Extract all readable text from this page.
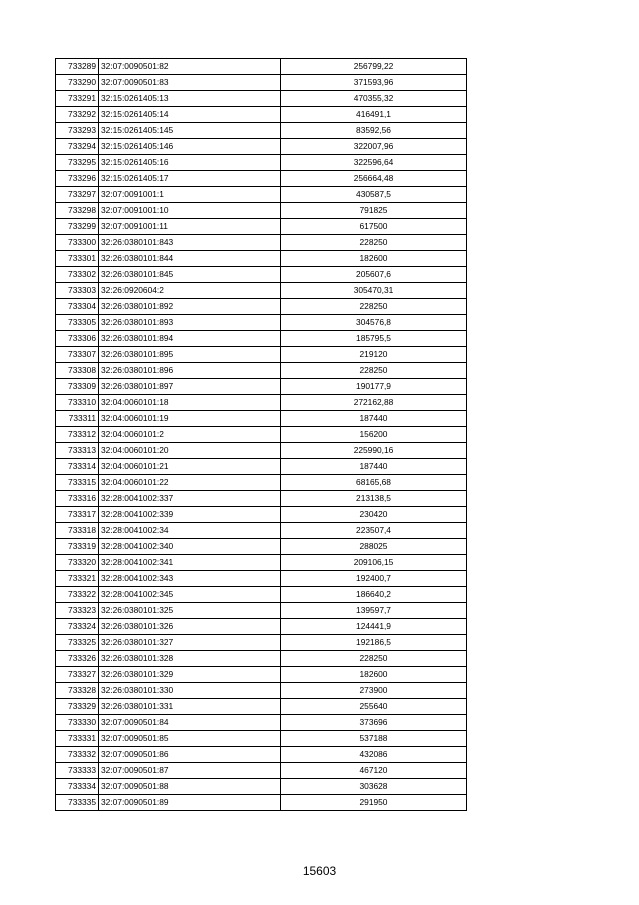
733289	32:07:0090501:82	256799,22
733290	32:07:0090501:83	371593,96
733291	32:15:0261405:13	470355,32
733292	32:15:0261405:14	416491,1
733293	32:15:0261405:145	83592,56
733294	32:15:0261405:146	322007,96
733295	32:15:0261405:16	322596,64
733296	32:15:0261405:17	256664,48
733297	32:07:0091001:1	430587,5
733298	32:07:0091001:10	791825
733299	32:07:0091001:11	617500
733300	32:26:0380101:843	228250
733301	32:26:0380101:844	182600
733302	32:26:0380101:845	205607,6
733303	32:26:0920604:2	305470,31
733304	32:26:0380101:892	228250
733305	32:26:0380101:893	304576,8
733306	32:26:0380101:894	185795,5
733307	32:26:0380101:895	219120
733308	32:26:0380101:896	228250
733309	32:26:0380101:897	190177,9
733310	32:04:0060101:18	272162,88
733311	32:04:0060101:19	187440
733312	32:04:0060101:2	156200
733313	32:04:0060101:20	225990,16
733314	32:04:0060101:21	187440
733315	32:04:0060101:22	68165,68
733316	32:28:0041002:337	213138,5
733317	32:28:0041002:339	230420
733318	32:28:0041002:34	223507,4
733319	32:28:0041002:340	288025
733320	32:28:0041002:341	209106,15
733321	32:28:0041002:343	192400,7
733322	32:28:0041002:345	186640,2
733323	32:26:0380101:325	139597,7
733324	32:26:0380101:326	124441,9
733325	32:26:0380101:327	192186,5
733326	32:26:0380101:328	228250
733327	32:26:0380101:329	182600
733328	32:26:0380101:330	273900
733329	32:26:0380101:331	255640
733330	32:07:0090501:84	373696
733331	32:07:0090501:85	537188
733332	32:07:0090501:86	432086
733333	32:07:0090501:87	467120
733334	32:07:0090501:88	303628
733335	32:07:0090501:89	291950
15603
